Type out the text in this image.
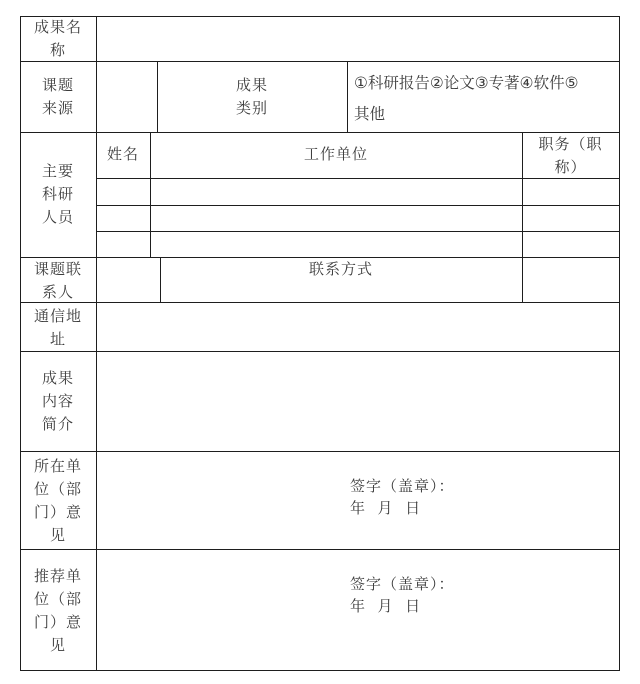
成果名
称
课题
来源
成果
类别
①科研报告②论文③专著④软件⑤
其他
主要
科研
人员
姓名	工作单位
职务（职
称）
课题联
系人
联系方式
通信地
址
成果
内容
简介
所在单
位（部
门）意
见
签字（盖章）：
年  月  日
推荐单
位（部
门）意
见
签字（盖章）：
年  月  日
